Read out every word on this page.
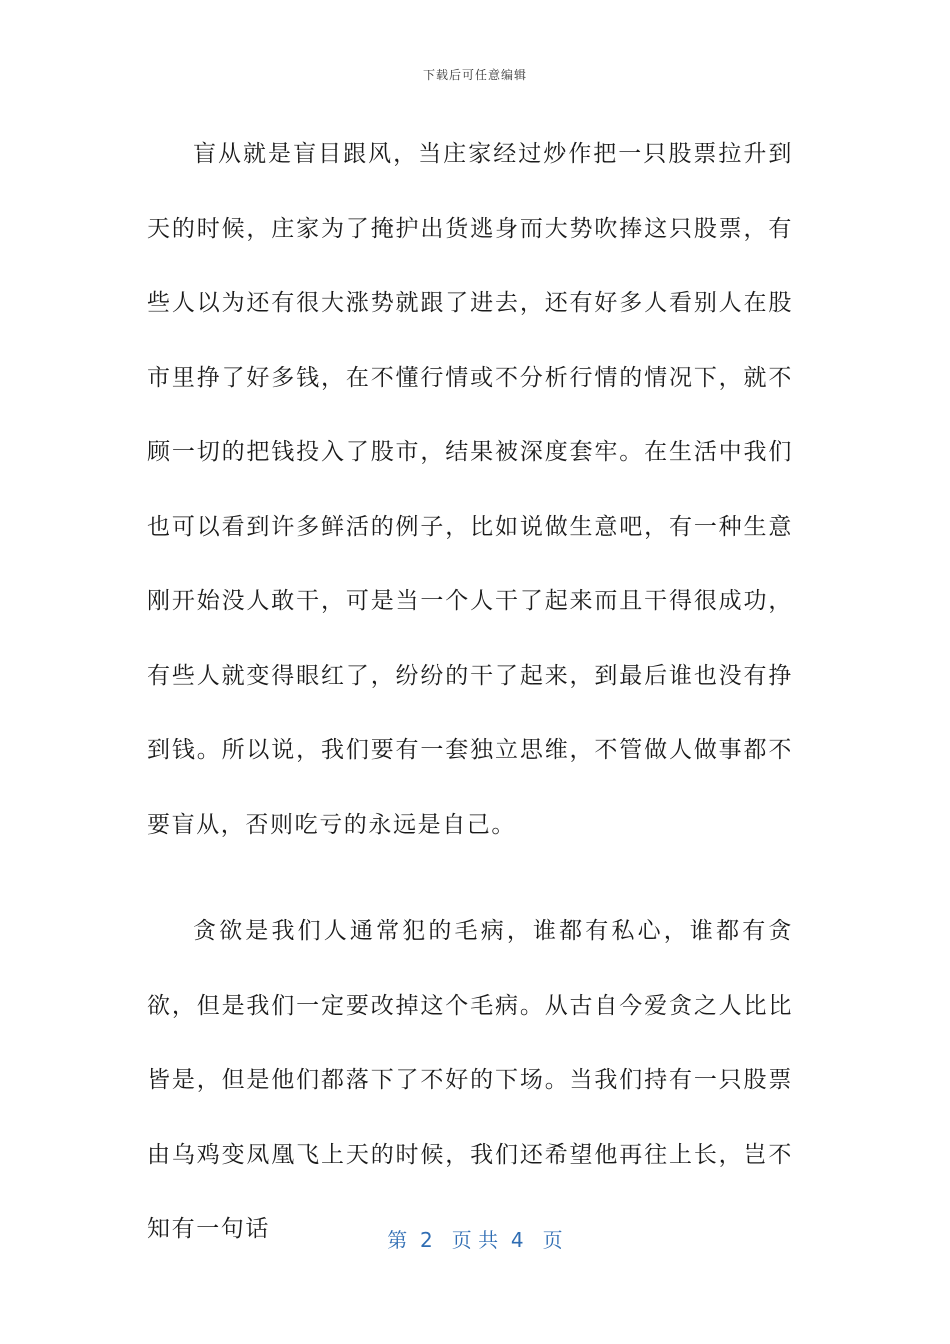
下载后可任意编辑

盲从就是盲目跟风，当庄家经过炒作把一只股票拉升到天的时候，庄家为了掩护出货逃身而大势吹捧这只股票，有些人以为还有很大涨势就跟了进去，还有好多人看别人在股市里挣了好多钱，在不懂行情或不分析行情的情况下，就不顾一切的把钱投入了股市，结果被深度套牢。在生活中我们也可以看到许多鲜活的例子，比如说做生意吧，有一种生意刚开始没人敢干，可是当一个人干了起来而且干得很成功，有些人就变得眼红了，纷纷的干了起来，到最后谁也没有挣到钱。所以说，我们要有一套独立思维，不管做人做事都不要盲从，否则吃亏的永远是自己。

贪欲是我们人通常犯的毛病，谁都有私心，谁都有贪欲，但是我们一定要改掉这个毛病。从古自今爱贪之人比比皆是，但是他们都落下了不好的下场。当我们持有一只股票由乌鸡变凤凰飞上天的时候，我们还希望他再往上长，岂不知有一句话	第  2   页 共  4   页
